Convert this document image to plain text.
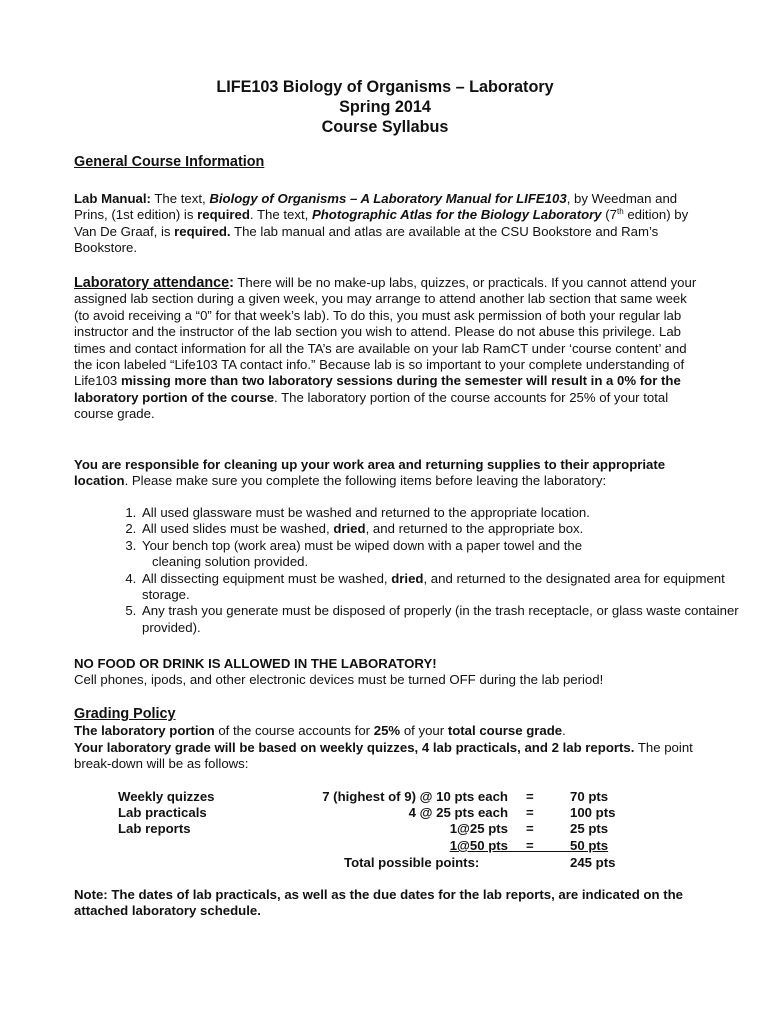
LIFE103 Biology of Organisms – Laboratory
Spring 2014
Course Syllabus
General Course Information
Lab Manual: The text, Biology of Organisms – A Laboratory Manual for LIFE103, by Weedman and Prins, (1st edition) is required. The text, Photographic Atlas for the Biology Laboratory (7th edition) by Van De Graaf, is required. The lab manual and atlas are available at the CSU Bookstore and Ram’s Bookstore.
Laboratory attendance: There will be no make-up labs, quizzes, or practicals. If you cannot attend your assigned lab section during a given week, you may arrange to attend another lab section that same week (to avoid receiving a “0” for that week’s lab). To do this, you must ask permission of both your regular lab instructor and the instructor of the lab section you wish to attend. Please do not abuse this privilege. Lab times and contact information for all the TA’s are available on your lab RamCT under ‘course content’ and the icon labeled “Life103 TA contact info.” Because lab is so important to your complete understanding of Life103 missing more than two laboratory sessions during the semester will result in a 0% for the laboratory portion of the course. The laboratory portion of the course accounts for 25% of your total course grade.
You are responsible for cleaning up your work area and returning supplies to their appropriate location. Please make sure you complete the following items before leaving the laboratory:
1. All used glassware must be washed and returned to the appropriate location.
2. All used slides must be washed, dried, and returned to the appropriate box.
3. Your bench top (work area) must be wiped down with a paper towel and the
cleaning solution provided.
4. All dissecting equipment must be washed, dried, and returned to the designated area for equipment storage.
5. Any trash you generate must be disposed of properly (in the trash receptacle, or glass waste container provided).
NO FOOD OR DRINK IS ALLOWED IN THE LABORATORY!
Cell phones, ipods, and other electronic devices must be turned OFF during the lab period!
Grading Policy
The laboratory portion of the course accounts for 25% of your total course grade.
Your laboratory grade will be based on weekly quizzes, 4 lab practicals, and 2 lab reports. The point break-down will be as follows:
Weekly quizzes	7 (highest of 9) @ 10 pts each =	70 pts
Lab practicals	4 @ 25 pts each =	100 pts
Lab reports	1@25 pts =	25 pts
1@50 pts =	50 pts
Total possible points:	245 pts
Note: The dates of lab practicals, as well as the due dates for the lab reports, are indicated on the attached laboratory schedule.
